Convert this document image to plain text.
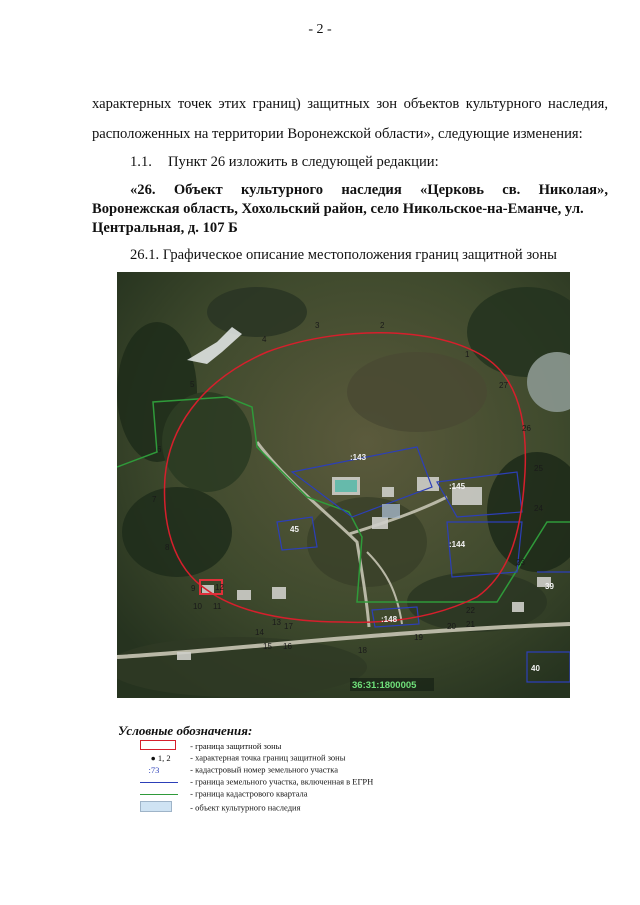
- 2 -
характерных точек этих границ) защитных зон объектов культурного наследия,
расположенных на территории Воронежской области», следующие изменения:
1.1. Пункт 26 изложить в следующей редакции:
«26. Объект культурного наследия «Церковь св. Николая»,
Воронежская область, Хохольский район, село Никольское-на-Еманче, ул.
Центральная, д. 107 Б
26.1. Графическое описание местоположения границ защитной зоны
1
2
3
4
5
6
7
8
9
10 11
12
13
14
15 16
17
18
19
20 21
22
23
24
25
26
27
:143
:145
:144
45
:148
39
40
36:31:1800005
Условные обозначения:
- граница защитной зоны
● 1, 2 - характерная точка границ защитной зоны
:73	- кадастровый номер земельного участка
- граница земельного участка, включенная в ЕГРН
- граница кадастрового квартала
- объект культурного наследия
